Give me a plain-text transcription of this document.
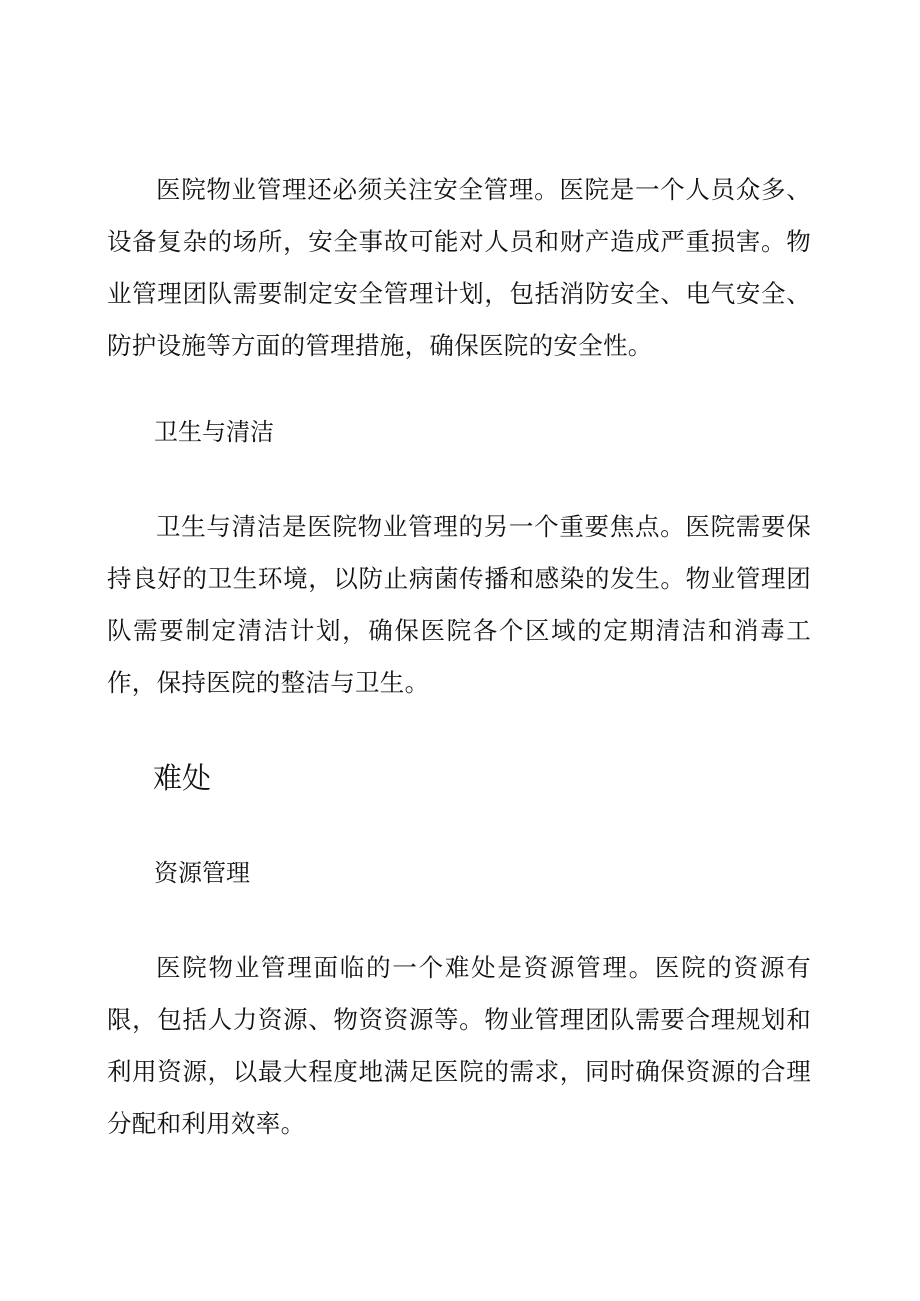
医院物业管理还必须关注安全管理。医院是一个人员众多、设备复杂的场所，安全事故可能对人员和财产造成严重损害。物业管理团队需要制定安全管理计划，包括消防安全、电气安全、防护设施等方面的管理措施，确保医院的安全性。

卫生与清洁

卫生与清洁是医院物业管理的另一个重要焦点。医院需要保持良好的卫生环境，以防止病菌传播和感染的发生。物业管理团队需要制定清洁计划，确保医院各个区域的定期清洁和消毒工作，保持医院的整洁与卫生。

难处
资源管理

医院物业管理面临的一个难处是资源管理。医院的资源有限，包括人力资源、物资资源等。物业管理团队需要合理规划和利用资源，以最大程度地满足医院的需求，同时确保资源的合理分配和利用效率。
